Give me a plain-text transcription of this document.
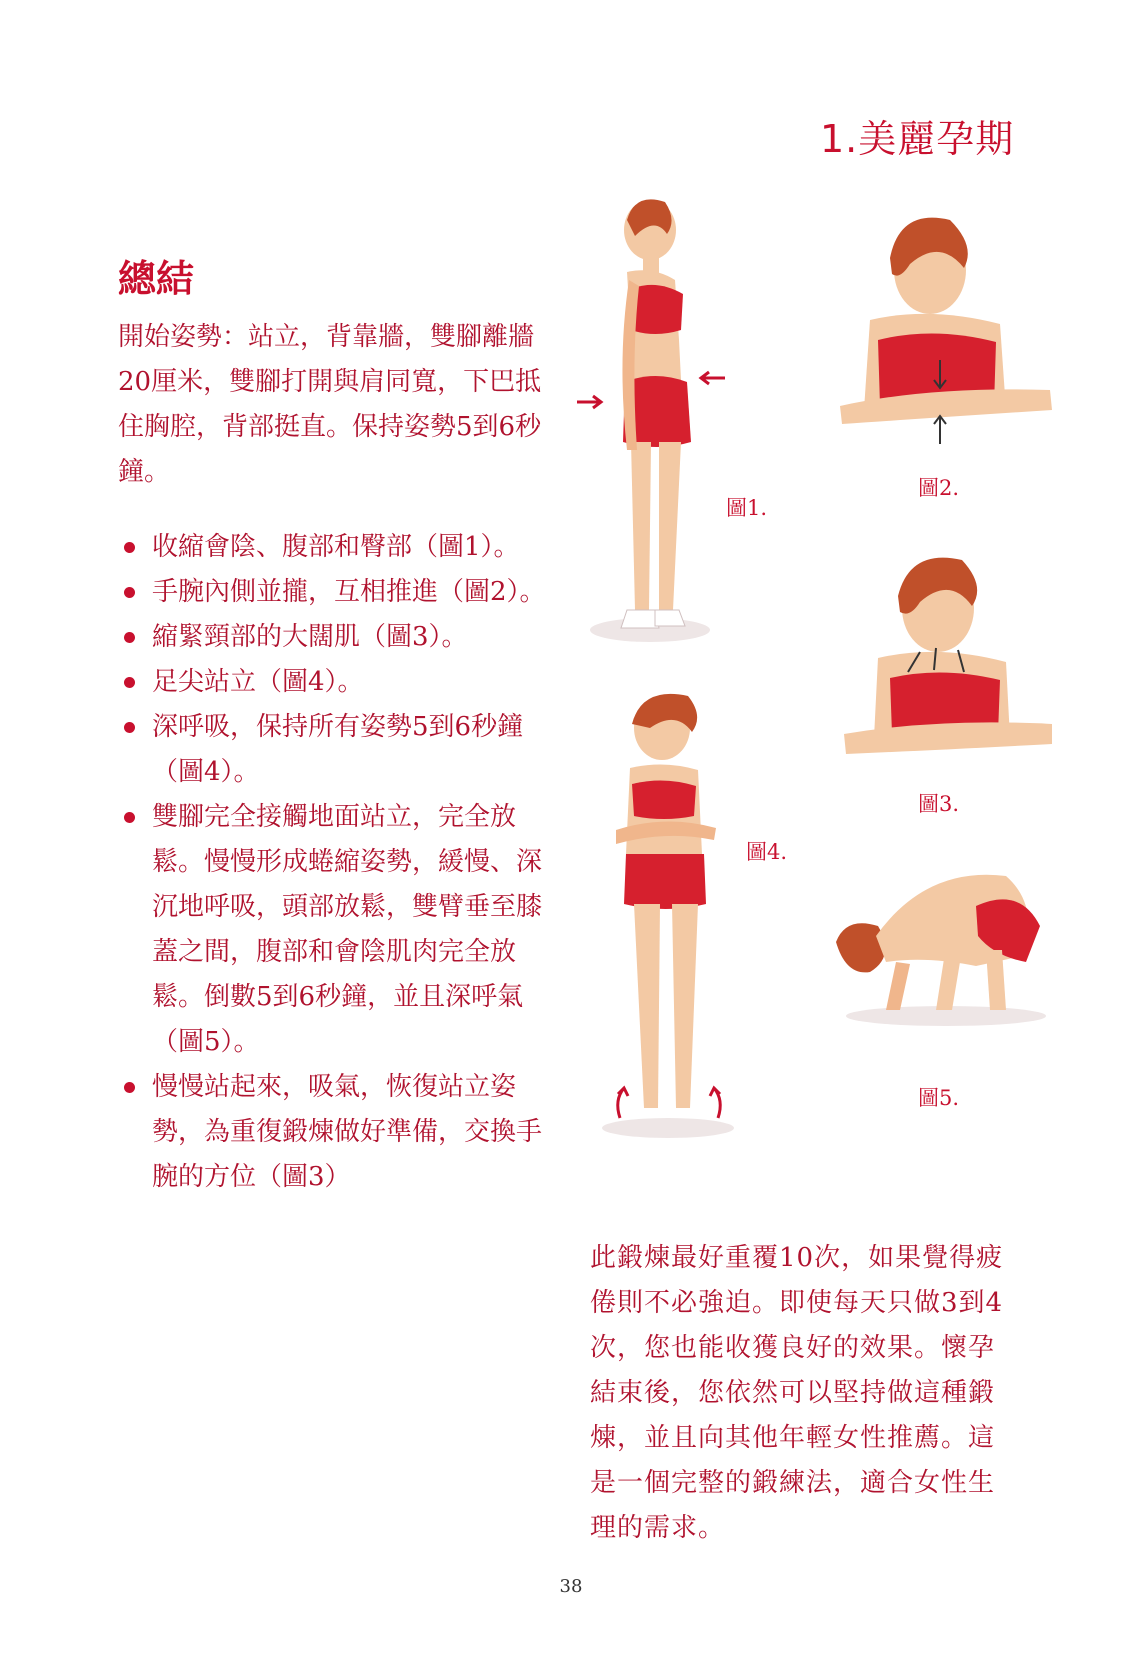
1.美麗孕期
總結
開始姿勢：站立，背靠牆，雙腳離牆20厘米，雙腳打開與肩同寬，下巴抵住胸腔，背部挺直。保持姿勢5到6秒鐘。
收縮會陰、腹部和臀部（圖1）。
手腕內側並攏，互相推進（圖2）。
縮緊頸部的大闊肌（圖3）。
足尖站立（圖4）。
深呼吸，保持所有姿勢5到6秒鐘（圖4）。
雙腳完全接觸地面站立，完全放鬆。慢慢形成蜷縮姿勢，緩慢、深沉地呼吸，頭部放鬆，雙臂垂至膝蓋之間，腹部和會陰肌肉完全放鬆。倒數5到6秒鐘，並且深呼氣（圖5）。
慢慢站起來，吸氣，恢復站立姿勢，為重復鍛煉做好準備，交換手腕的方位（圖3）
圖1.
圖2.
圖3.
圖4.
圖5.
此鍛煉最好重覆10次，如果覺得疲倦則不必強迫。即使每天只做3到4次，您也能收獲良好的效果。懷孕結束後，您依然可以堅持做這種鍛煉，並且向其他年輕女性推薦。這是一個完整的鍛練法，適合女性生理的需求。
38
